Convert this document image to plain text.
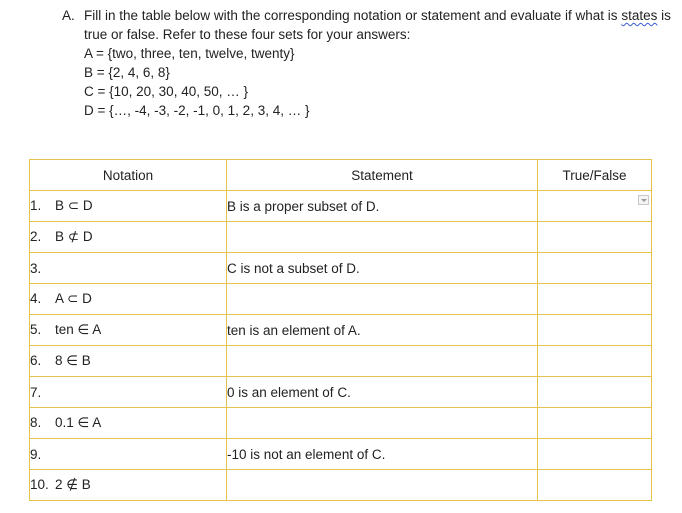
A. Fill in the table below with the corresponding notation or statement and evaluate if what is states is true or false. Refer to these four sets for your answers:
A = {two, three, ten, twelve, twenty}
B = {2, 4, 6, 8}
C = {10, 20, 30, 40, 50, … }
D = {…, -4, -3, -2, -1, 0, 1, 2, 3, 4, … }
Notation	Statement	True/False
1. B ⊂ D	B is a proper subset of D.	

2. B ⊄ D		
3.	C is not a subset of D.	
4. A ⊂ D		
5. ten ∈ A	ten is an element of A.	
6. 8 ∈ B		
7.	0 is an element of C.	
8. 0.1 ∈ A		
9.	-10 is not an element of C.	
10. 2 ∉ B		
